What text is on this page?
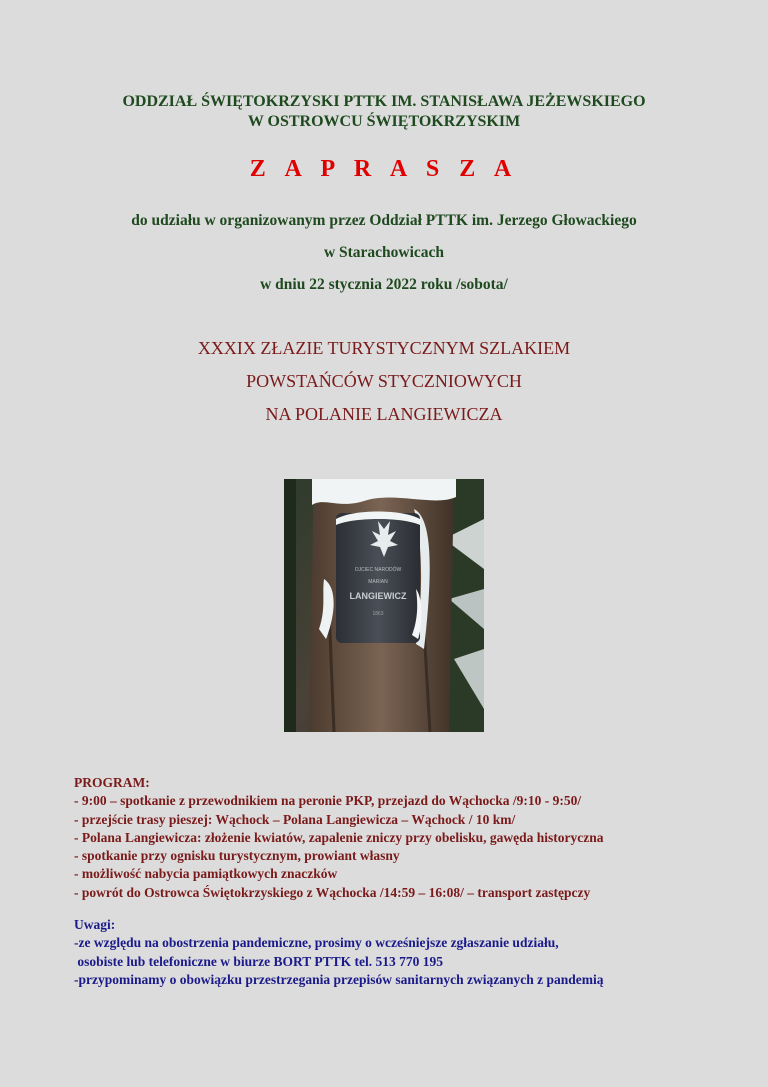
ODDZIAŁ ŚWIĘTOKRZYSKI PTTK IM. STANISŁAWA JEŻEWSKIEGO
W OSTROWCU ŚWIĘTOKRZYSKIM
Z A P R A S Z A
do udziału w organizowanym przez Oddział PTTK im. Jerzego Głowackiego
w Starachowicach
w dniu 22 stycznia 2022 roku /sobota/
XXXIX ZŁAZIE TURYSTYCZNYM SZLAKIEM
POWSTAŃCÓW STYCZNIOWYCH
NA POLANIE LANGIEWICZA
OJCIEC NARODÓW
MARIAN
LANGIEWICZ
1863
PROGRAM:
- 9:00 – spotkanie z przewodnikiem na peronie PKP, przejazd do Wąchocka /9:10 - 9:50/
- przejście trasy pieszej: Wąchock – Polana Langiewicza – Wąchock / 10 km/
- Polana Langiewicza: złożenie kwiatów, zapalenie zniczy przy obelisku, gawęda historyczna
- spotkanie przy ognisku turystycznym, prowiant własny
- możliwość nabycia pamiątkowych znaczków
- powrót do Ostrowca Świętokrzyskiego z Wąchocka /14:59 – 16:08/ – transport zastępczy
Uwagi:
-ze względu na obostrzenia pandemiczne, prosimy o wcześniejsze zgłaszanie udziału,
osobiste lub telefoniczne w biurze BORT PTTK tel. 513 770 195
-przypominamy o obowiązku przestrzegania przepisów sanitarnych związanych z pandemią
